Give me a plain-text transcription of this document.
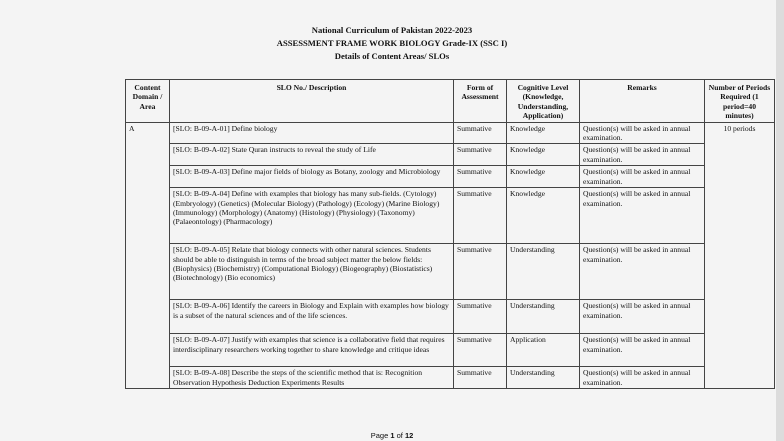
National Curriculum of Pakistan 2022-2023
ASSESSMENT FRAME WORK BIOLOGY Grade-IX (SSC I)
Details of Content Areas/ SLOs
Content Domain / Area	SLO No./ Description	Form of Assessment	Cognitive Level (Knowledge, Understanding, Application)	Remarks	Number of Periods Required (1 period=40 minutes)
A	[SLO: B-09-A-01] Define biology	Summative	Knowledge	Question(s) will be asked in annual examination.	10 periods
	[SLO: B-09-A-02] State Quran instructs to reveal the study of Life	Summative	Knowledge	Question(s) will be asked in annual examination.	
	[SLO: B-09-A-03] Define major fields of biology as Botany, zoology and Microbiology	Summative	Knowledge	Question(s) will be asked in annual examination.	
	[SLO: B-09-A-04] Define with examples that biology has many sub-fields. (Cytology) (Embryology) (Genetics) (Molecular Biology) (Pathology) (Ecology) (Marine Biology) (Immunology) (Morphology) (Anatomy) (Histology) (Physiology) (Taxonomy) (Palaeontology) (Pharmacology)	Summative	Knowledge	Question(s) will be asked in annual examination.	
	[SLO: B-09-A-05] Relate that biology connects with other natural sciences. Students should be able to distinguish in terms of the broad subject matter the below fields: (Biophysics) (Biochemistry) (Computational Biology) (Biogeography) (Biostatistics) (Biotechnology) (Bio economics)	Summative	Understanding	Question(s) will be asked in annual examination.	
	[SLO: B-09-A-06] Identify the careers in Biology and Explain with examples how biology is a subset of the natural sciences and of the life sciences.	Summative	Understanding	Question(s) will be asked in annual examination.	
	[SLO: B-09-A-07] Justify with examples that science is a collaborative field that requires interdisciplinary researchers working together to share knowledge and critique ideas	Summative	Application	Question(s) will be asked in annual examination.	
	[SLO: B-09-A-08] Describe the steps of the scientific method that is: Recognition Observation Hypothesis Deduction Experiments Results	Summative	Understanding	Question(s) will be asked in annual examination.	
Page 1 of 12
